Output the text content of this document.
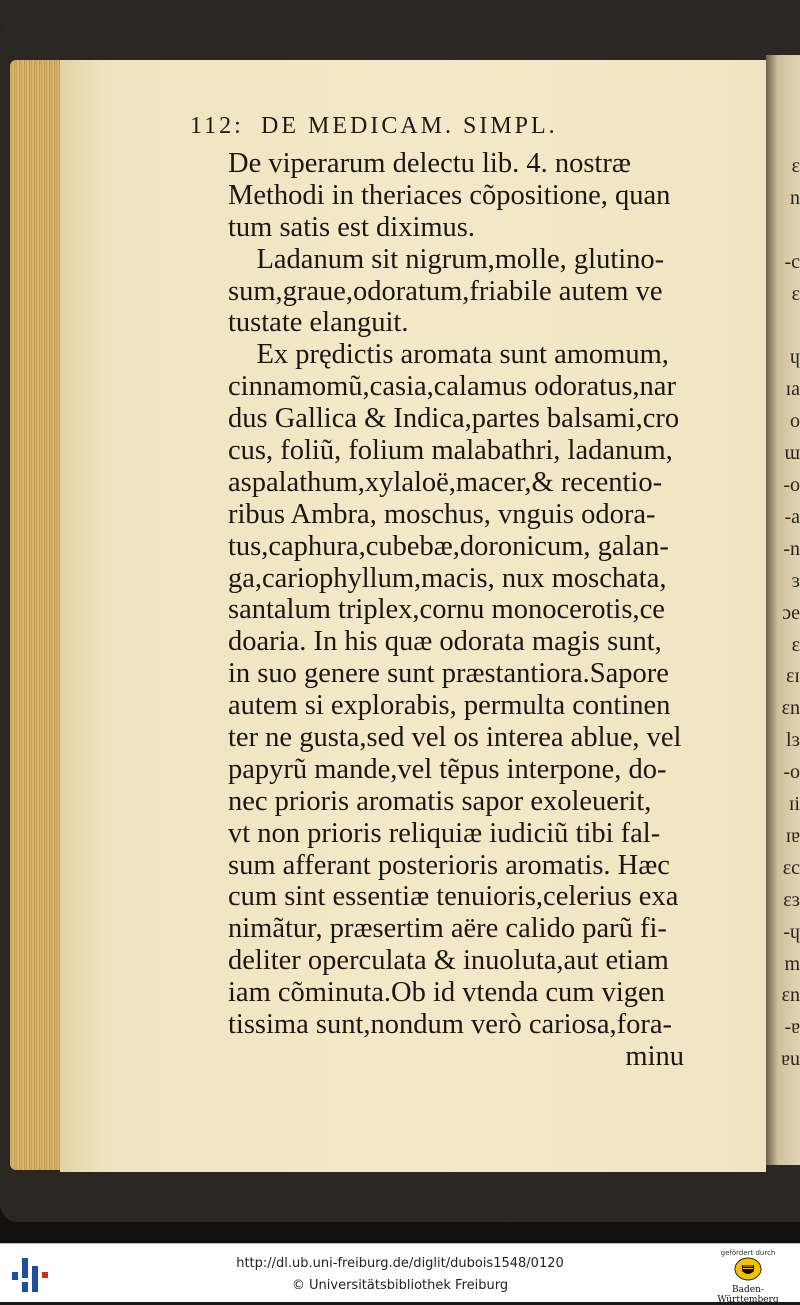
ɛ
n
-c
ɛ
ɥ
ɪa
o
ɯ
-o
-a
-n
ɜ
ɔe
ɛ
ɛɪ
ɛn
lɜ
-o
ɪi
ɪɐ
ɛc
ɛɜ
-ɥ
m
ɛn
-ɐ
ɐu
112: DE MEDICAM. SIMPL.
De viperarum delectu lib. 4. nostræ
Methodi in theriaces cõpositione, quan
tum satis est diximus.
Ladanum sit nigrum,molle, glutino-
sum,graue,odoratum,friabile autem ve
tustate elanguit.
Ex prędictis aromata sunt amomum,
cinnamomũ,casia,calamus odoratus,nar
dus Gallica & Indica,partes balsami,cro
cus, foliũ, folium malabathri, ladanum,
aspalathum,xylaloë,macer,& recentio-
ribus Ambra, moschus, vnguis odora-
tus,caphura,cubebæ,doronicum, galan-
ga,cariophyllum,macis, nux moschata,
santalum triplex,cornu monocerotis,ce
doaria. In his quæ odorata magis sunt,
in suo genere sunt præstantiora.Sapore
autem si explorabis, permulta continen
ter ne gusta,sed vel os interea ablue, vel
papyrũ mande,vel tẽpus interpone, do-
nec prioris aromatis sapor exoleuerit,
vt non prioris reliquiæ iudiciũ tibi fal-
sum afferant posterioris aromatis. Hæc
cum sint essentiæ tenuioris,celerius exa
nimãtur, præsertim aëre calido parũ fi-
deliter operculata & inuoluta,aut etiam
iam cõminuta.Ob id vtenda cum vigen
tissima sunt,nondum verò cariosa,fora-
minu
http://dl.ub.uni-freiburg.de/diglit/dubois1548/0120
© Universitätsbibliothek Freiburg
gefördert durch
Baden-Württemberg
